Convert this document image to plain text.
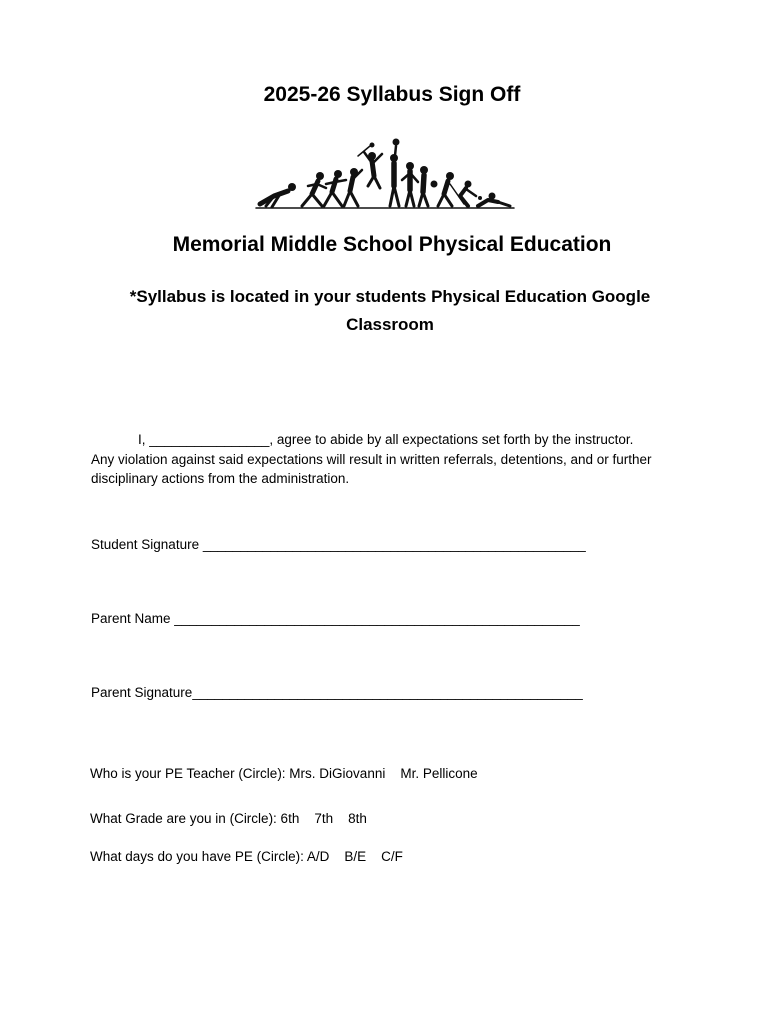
2025-26 Syllabus Sign Off
Memorial Middle School Physical Education
*Syllabus is located in your students Physical Education Google Classroom
I, ________________, agree to abide by all expectations set forth by the instructor.
Any violation against said expectations will result in written referrals, detentions, and or further
disciplinary actions from the administration.
Student Signature ___________________________________________________
Parent Name ______________________________________________________
Parent Signature____________________________________________________
Who is your PE Teacher (Circle): Mrs. DiGiovanni Mr. Pellicone
What Grade are you in (Circle): 6th 7th 8th
What days do you have PE (Circle): A/D B/E C/F
